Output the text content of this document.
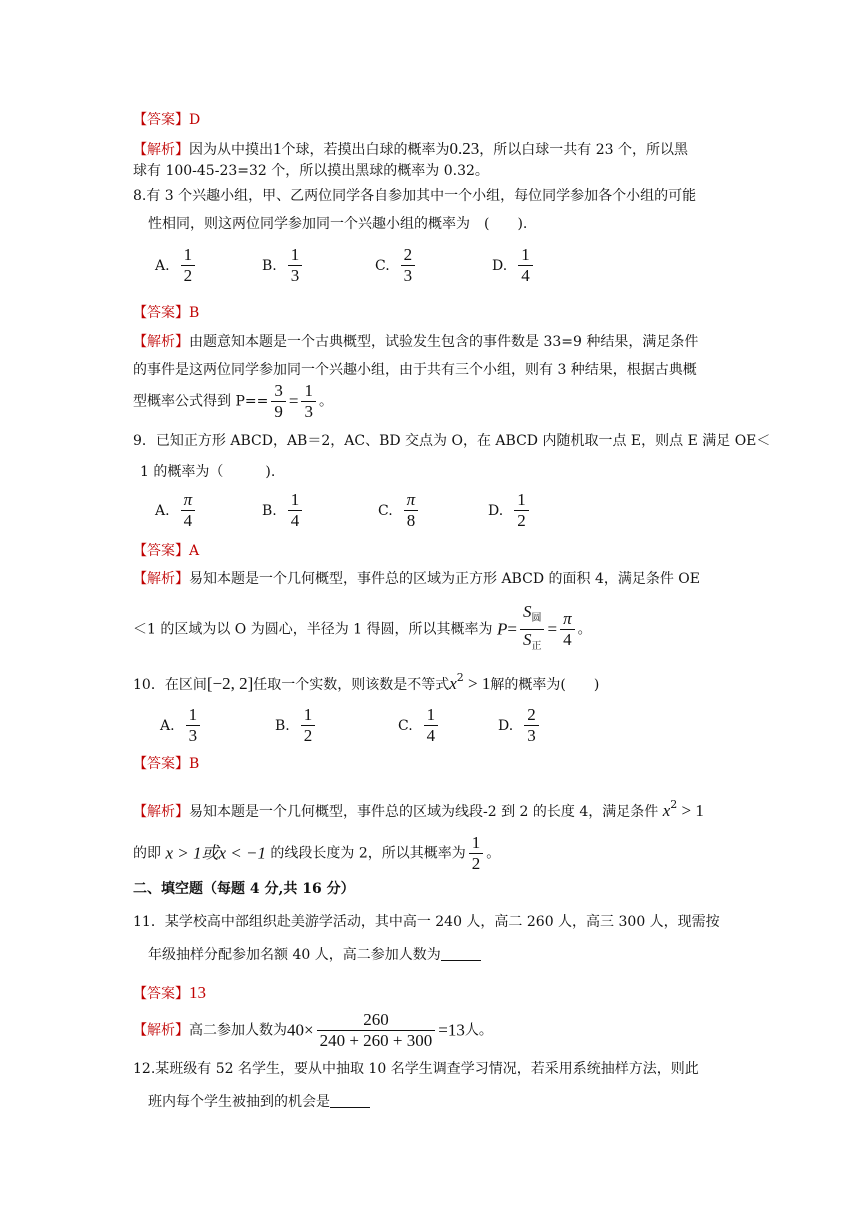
【答案】D
【解析】因为从中摸出1个球，若摸出白球的概率为0.23，所以白球一共有 23 个，所以黑
球有 100-45-23=32 个，所以摸出黑球的概率为 0.32。
8.有 3 个兴趣小组，甲、乙两位同学各自参加其中一个小组，每位同学参加各个小组的可能
性相同，则这两位同学参加同一个兴趣小组的概率为　(　　).
A. $\frac{1}{2}$	B. $\frac{1}{3}$	C. $\frac{2}{3}$	D. $\frac{1}{4}$
【答案】B
【解析】由题意知本题是一个古典概型，试验发生包含的事件数是 33=9 种结果，满足条件
的事件是这两位同学参加同一个兴趣小组，由于共有三个小组，则有 3 种结果，根据古典概
型概率公式得到 $P== \frac{3}{9} = \frac{1}{3}$ 。
9．已知正方形 ABCD，AB＝2，AC、BD 交点为 O，在 ABCD 内随机取一点 E，则点 E 满足 OE＜
1 的概率为（　　　).
A. $\frac{\pi}{4}$	B. $\frac{1}{4}$	C. $\frac{\pi}{8}$	D. $\frac{1}{2}$
【答案】A
【解析】易知本题是一个几何概型，事件总的区域为正方形 ABCD 的面积 4，满足条件 OE
＜1 的区域为以 O 为圆心，半径为 1 得圆，所以其概率为 $P= \frac{S_圆}{S_正} = \frac{\pi}{4}$ 。
10．在区间[−2, 2]任取一个实数，则该数是不等式$x^2 > 1$解的概率为(　　)
A. $\frac{1}{3}$	B. $\frac{1}{2}$	C. $\frac{1}{4}$	D. $\frac{2}{3}$
【答案】B
【解析】易知本题是一个几何概型，事件总的区域为线段-2 到 2 的长度 4，满足条件 $x^2 > 1$
的即 x > 1或x < −1 的线段长度为 2，所以其概率为 $\frac{1}{2}$ 。
二、填空题（每题 4 分,共 16 分）
11．某学校高中部组织赴美游学活动，其中高一 240 人，高二 260 人，高三 300 人，现需按
年级抽样分配参加名额 40 人，高二参加人数为
【答案】13
【解析】高二参加人数为$40\times \frac{260}{240 + 260 + 300} =13$人。
12.某班级有 52 名学生，要从中抽取 10 名学生调查学习情况，若采用系统抽样方法，则此
班内每个学生被抽到的机会是
